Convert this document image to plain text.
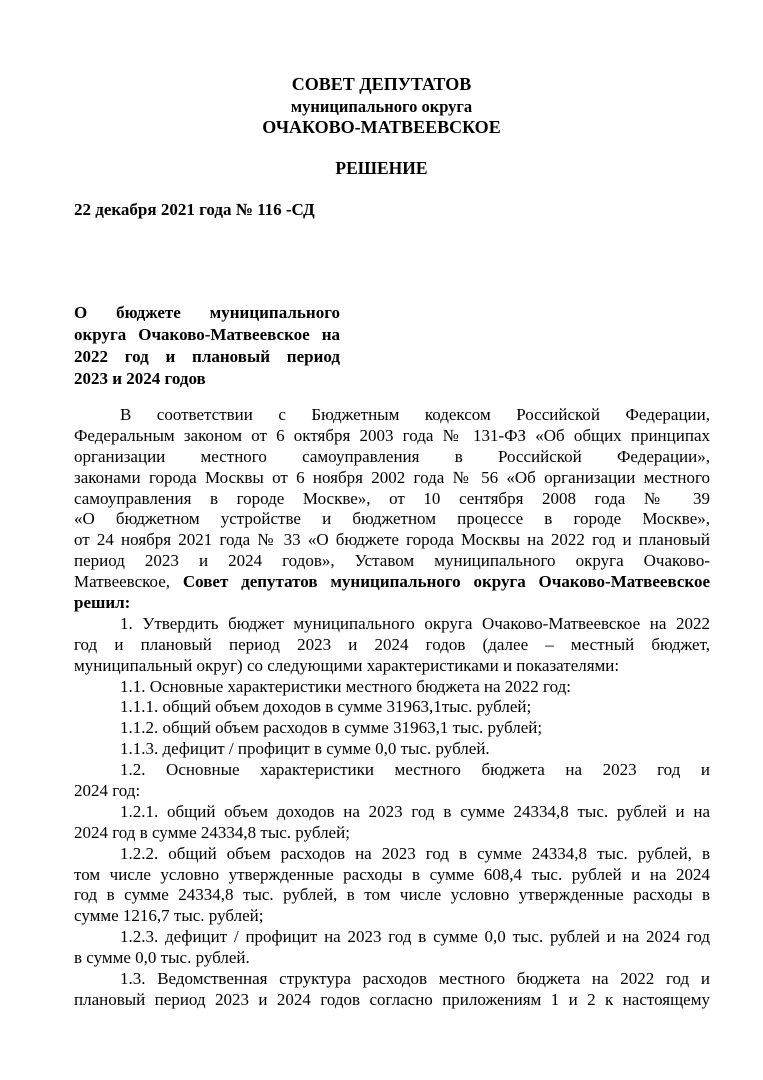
СОВЕТ ДЕПУТАТОВ
муниципального округа
ОЧАКОВО-МАТВЕЕВСКОЕ
РЕШЕНИЕ
22 декабря 2021 года № 116 -СД
О бюджете муниципального
округа Очаково-Матвеевское на
2022 год и плановый период
2023 и 2024 годов
В соответствии с Бюджетным кодексом Российской Федерации,
Федеральным законом от 6 октября 2003 года № 131-ФЗ «Об общих принципах
организации местного самоуправления в Российской Федерации»,
законами города Москвы от 6 ноября 2002 года № 56 «Об организации местного
самоуправления в городе Москве», от 10 сентября 2008 года № 39
«О бюджетном устройстве и бюджетном процессе в городе Москве»,
от 24 ноября 2021 года № 33 «О бюджете города Москвы на 2022 год и плановый
период 2023 и 2024 годов», Уставом муниципального округа Очаково-
Матвеевское, Совет депутатов муниципального округа Очаково-Матвеевское
решил:
1. Утвердить бюджет муниципального округа Очаково-Матвеевское на 2022
год и плановый период 2023 и 2024 годов (далее – местный бюджет,
муниципальный округ) со следующими характеристиками и показателями:
1.1. Основные характеристики местного бюджета на 2022 год:
1.1.1. общий объем доходов в сумме 31963,1тыс. рублей;
1.1.2. общий объем расходов в сумме 31963,1 тыс. рублей;
1.1.3. дефицит / профицит в сумме 0,0 тыс. рублей.
1.2. Основные характеристики местного бюджета на 2023 год и
2024 год:
1.2.1. общий объем доходов на 2023 год в сумме 24334,8 тыс. рублей и на
2024 год в сумме 24334,8 тыс. рублей;
1.2.2. общий объем расходов на 2023 год в сумме 24334,8 тыс. рублей, в
том числе условно утвержденные расходы в сумме 608,4 тыс. рублей и на 2024
год в сумме 24334,8 тыс. рублей, в том числе условно утвержденные расходы в
сумме 1216,7 тыс. рублей;
1.2.3. дефицит / профицит на 2023 год в сумме 0,0 тыс. рублей и на 2024 год
в сумме 0,0 тыс. рублей.
1.3. Ведомственная структура расходов местного бюджета на 2022 год и
плановый период 2023 и 2024 годов согласно приложениям 1 и 2 к настоящему
